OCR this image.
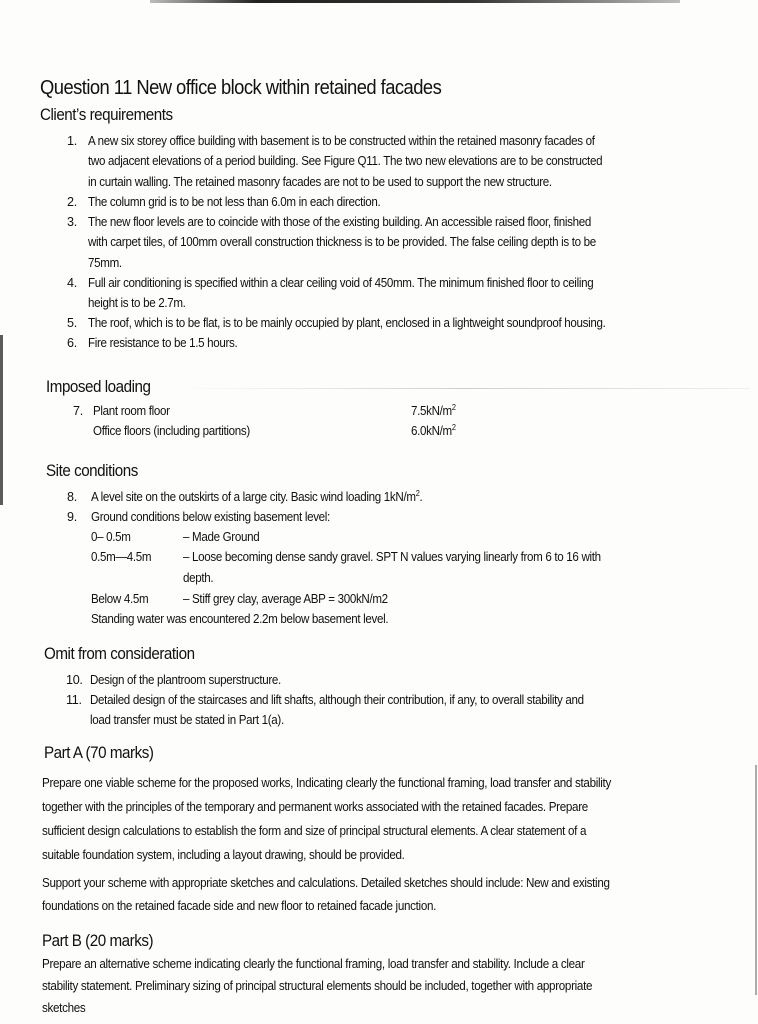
Question 11 New office block within retained facades
Client’s requirements
1. A new six storey office building with basement is to be constructed within the retained masonry facades of
two adjacent elevations of a period building. See Figure Q11. The two new elevations are to be constructed
in curtain walling. The retained masonry facades are not to be used to support the new structure.
2. The column grid is to be not less than 6.0m in each direction.
3. The new floor levels are to coincide with those of the existing building. An accessible raised floor, finished
with carpet tiles, of 100mm overall construction thickness is to be provided. The false ceiling depth is to be
75mm.
4. Full air conditioning is specified within a clear ceiling void of 450mm. The minimum finished floor to ceiling
height is to be 2.7m.
5. The roof, which is to be flat, is to be mainly occupied by plant, enclosed in a lightweight soundproof housing.
6. Fire resistance to be 1.5 hours.
Imposed loading
7. Plant room floor	$7.5kN/m^2$
Office floors (including partitions)	$6.0kN/m^2$
Site conditions
8. A level site on the outskirts of a large city. Basic wind loading $1kN/m^2$.
9. Ground conditions below existing basement level:
0– 0.5m	– Made Ground
0.5m—4.5m	– Loose becoming dense sandy gravel. SPT N values varying linearly from 6 to 16 with
depth.
Below 4.5m	– Stiff grey clay, average ABP = 300kN/m2
Standing water was encountered 2.2m below basement level.
Omit from consideration
10. Design of the plantroom superstructure.
11. Detailed design of the staircases and lift shafts, although their contribution, if any, to overall stability and
load transfer must be stated in Part 1(a).
Part A (70 marks)
Prepare one viable scheme for the proposed works, Indicating clearly the functional framing, load transfer and stability
together with the principles of the temporary and permanent works associated with the retained facades. Prepare
sufficient design calculations to establish the form and size of principal structural elements. A clear statement of a
suitable foundation system, including a layout drawing, should be provided.
Support your scheme with appropriate sketches and calculations. Detailed sketches should include: New and existing
foundations on the retained facade side and new floor to retained facade junction.
Part B (20 marks)
Prepare an alternative scheme indicating clearly the functional framing, load transfer and stability. Include a clear
stability statement. Preliminary sizing of principal structural elements should be included, together with appropriate
sketches
